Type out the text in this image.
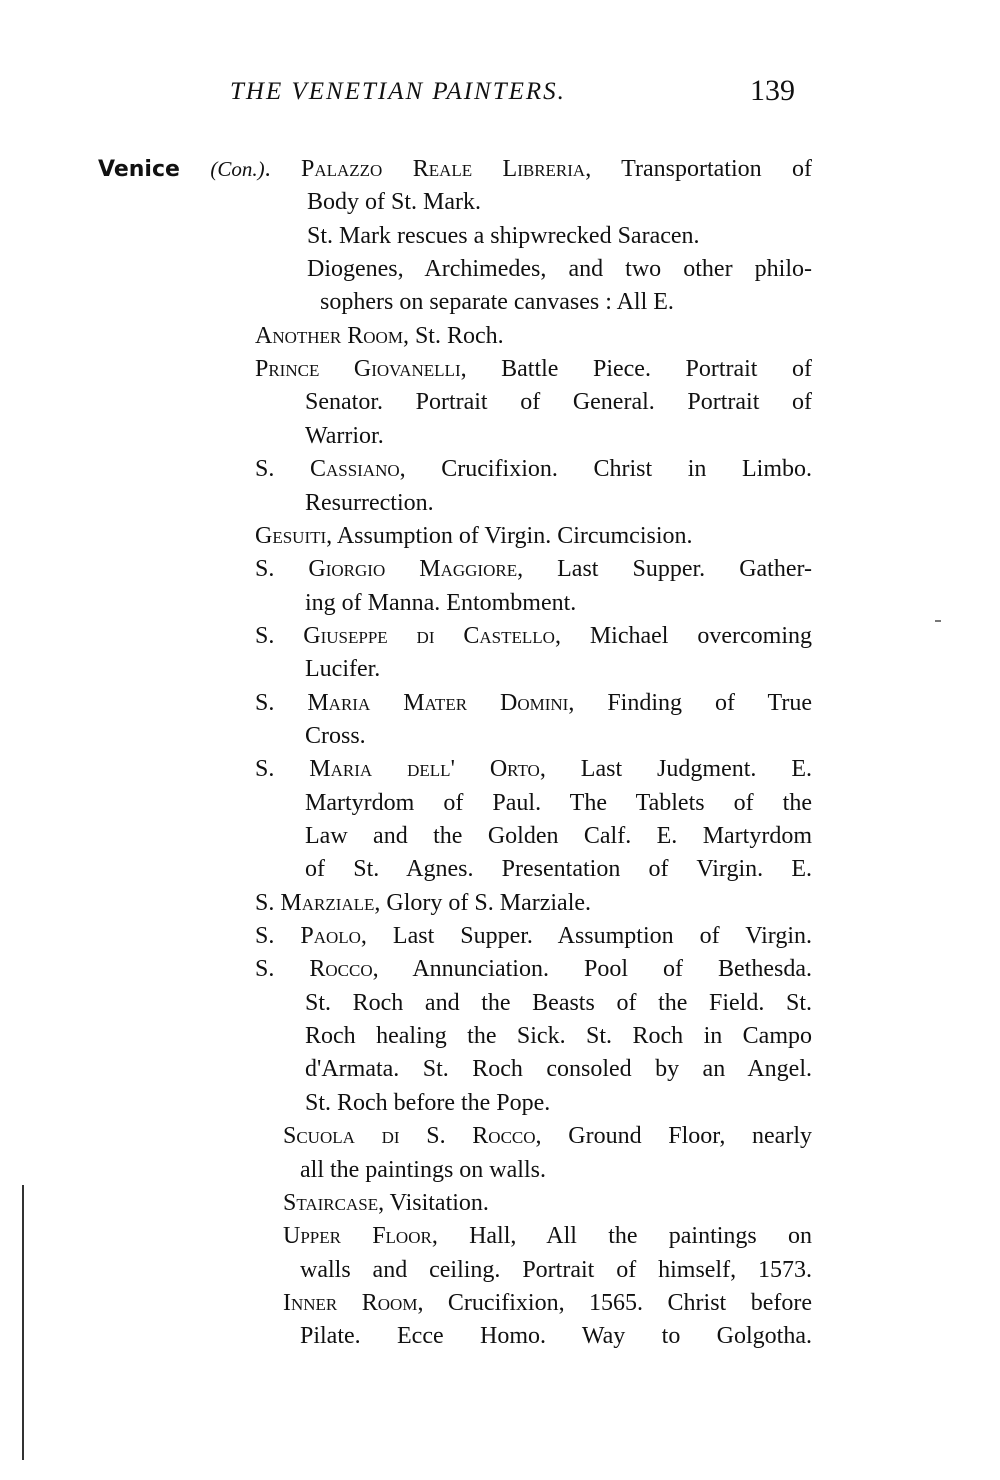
THE VENETIAN PAINTERS.	139
Venice (Con.). Palazzo Reale Libreria, Transportation of
Body of St. Mark.
St. Mark rescues a shipwrecked Saracen.
Diogenes, Archimedes, and two other philo-
sophers on separate canvases : All E.
Another Room, St. Roch.
Prince Giovanelli, Battle Piece. Portrait of
Senator. Portrait of General. Portrait of
Warrior.
S. Cassiano, Crucifixion. Christ in Limbo.
Resurrection.
Gesuiti, Assumption of Virgin. Circumcision.
S. Giorgio Maggiore, Last Supper. Gather-
ing of Manna. Entombment.
S. Giuseppe di Castello, Michael overcoming
Lucifer.
S. Maria Mater Domini, Finding of True
Cross.
S. Maria dell' Orto, Last Judgment. E.
Martyrdom of Paul. The Tablets of the
Law and the Golden Calf. E. Martyrdom
of St. Agnes. Presentation of Virgin. E.
S. Marziale, Glory of S. Marziale.
S. Paolo, Last Supper. Assumption of Virgin.
S. Rocco, Annunciation. Pool of Bethesda.
St. Roch and the Beasts of the Field. St.
Roch healing the Sick. St. Roch in Campo
d'Armata. St. Roch consoled by an Angel.
St. Roch before the Pope.
Scuola di S. Rocco, Ground Floor, nearly
all the paintings on walls.
Staircase, Visitation.
Upper Floor, Hall, All the paintings on
walls and ceiling. Portrait of himself, 1573.
Inner Room, Crucifixion, 1565. Christ before
Pilate. Ecce Homo. Way to Golgotha.
